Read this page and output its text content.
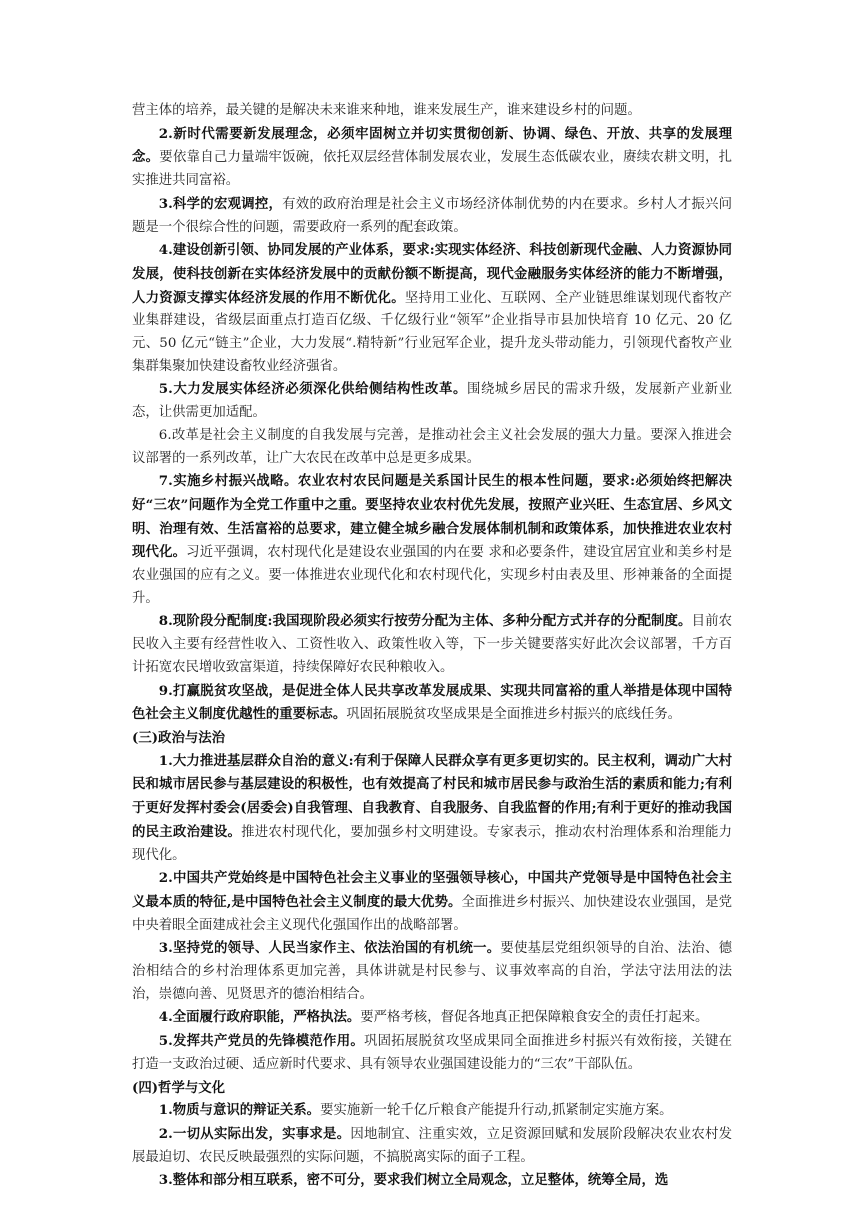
营主体的培养，最关键的是解决未来谁来种地，谁来发展生产，谁来建设乡村的问题。

2.新时代需要新发展理念，必须牢固树立并切实贯彻创新、协调、绿色、开放、共享的发展理念。要依靠自己力量端牢饭碗，依托双层经营体制发展农业，发展生态低碳农业，赓续农耕文明，扎实推进共同富裕。

3.科学的宏观调控，有效的政府治理是社会主义市场经济体制优势的内在要求。乡村人才振兴问题是一个很综合性的问题，需要政府一系列的配套政策。

4.建设创新引领、协同发展的产业体系，要求:实现实体经济、科技创新现代金融、人力资源协同发展，使科技创新在实体经济发展中的贡献份额不断提高，现代金融服务实体经济的能力不断增强，人力资源支撑实体经济发展的作用不断优化。坚持用工业化、互联网、全产业链思维谋划现代畜牧产业集群建设，省级层面重点打造百亿级、千亿级行业“领军”企业指导市县加快培育 10 亿元、20 亿元、50 亿元“链主”企业，大力发展“.精特新”行业冠军企业，提升龙头带动能力，引领现代畜牧产业集群集聚加快建设畜牧业经济强省。

5.大力发展实体经济必须深化供给侧结构性改革。围绕城乡居民的需求升级，发展新产业新业态，让供需更加适配。

6.改革是社会主义制度的自我发展与完善，是推动社会主义社会发展的强大力量。要深入推进会议部署的一系列改革，让广大农民在改革中总是更多成果。

7.实施乡村振兴战略。农业农村农民问题是关系国计民生的根本性问题，要求:必须始终把解决好“三农”问题作为全党工作重中之重。要坚持农业农村优先发展，按照产业兴旺、生态宜居、乡风文明、治理有效、生活富裕的总要求，建立健全城乡融合发展体制机制和政策体系，加快推进农业农村现代化。习近平强调，农村现代化是建设农业强国的内在要 求和必要条件，建设宜居宜业和美乡村是农业强国的应有之义。要一体推进农业现代化和农村现代化，实现乡村由表及里、形神兼备的全面提升。

8.现阶段分配制度:我国现阶段必须实行按劳分配为主体、多种分配方式并存的分配制度。目前农民收入主要有经营性收入、工资性收入、政策性收入等，下一步关键要落实好此次会议部署，千方百计拓宽农民增收致富渠道，持续保障好农民种粮收入。

9.打赢脱贫攻坚战，是促进全体人民共享改革发展成果、实现共同富裕的重人举措是体现中国特色社会主义制度优越性的重要标志。巩固拓展脱贫攻坚成果是全面推进乡村振兴的底线任务。

(三)政治与法治

1.大力推进基层群众自治的意义:有利于保障人民群众享有更多更切实的。民主权利，调动广大村民和城市居民参与基层建设的积极性，也有效提高了村民和城市居民参与政治生活的素质和能力;有利于更好发挥村委会(居委会)自我管理、自我教育、自我服务、自我监督的作用;有利于更好的推动我国的民主政治建设。推进农村现代化，要加强乡村文明建设。专家表示，推动农村治理体系和治理能力现代化。

2.中国共产党始终是中国特色社会主义事业的坚强领导核心，中国共产党领导是中国特色社会主义最本质的特征,是中国特色社会主义制度的最大优势。全面推进乡村振兴、加快建设农业强国，是党中央着眼全面建成社会主义现代化强国作出的战略部署。

3.坚持党的领导、人民当家作主、依法治国的有机统一。要使基层党组织领导的自治、法治、德治相结合的乡村治理体系更加完善，具体讲就是村民参与、议事效率高的自治，学法守法用法的法治，崇德向善、见贤思齐的德治相结合。

4.全面履行政府职能，严格执法。要严格考核，督促各地真正把保障粮食安全的责任打起来。

5.发挥共产党员的先锋模范作用。巩固拓展脱贫攻坚成果同全面推进乡村振兴有效衔接，关键在打造一支政治过硬、适应新时代要求、具有领导农业强国建设能力的“三农”干部队伍。

(四)哲学与文化

1.物质与意识的辩证关系。要实施新一轮千亿斤粮食产能提升行动,抓紧制定实施方案。

2.一切从实际出发，实事求是。因地制宜、注重实效，立足资源回赋和发展阶段解决农业农村发展最迫切、农民反映最强烈的实际问题，不搞脱离实际的面子工程。

3.整体和部分相互联系，密不可分，要求我们树立全局观念，立足整体，统筹全局，选
